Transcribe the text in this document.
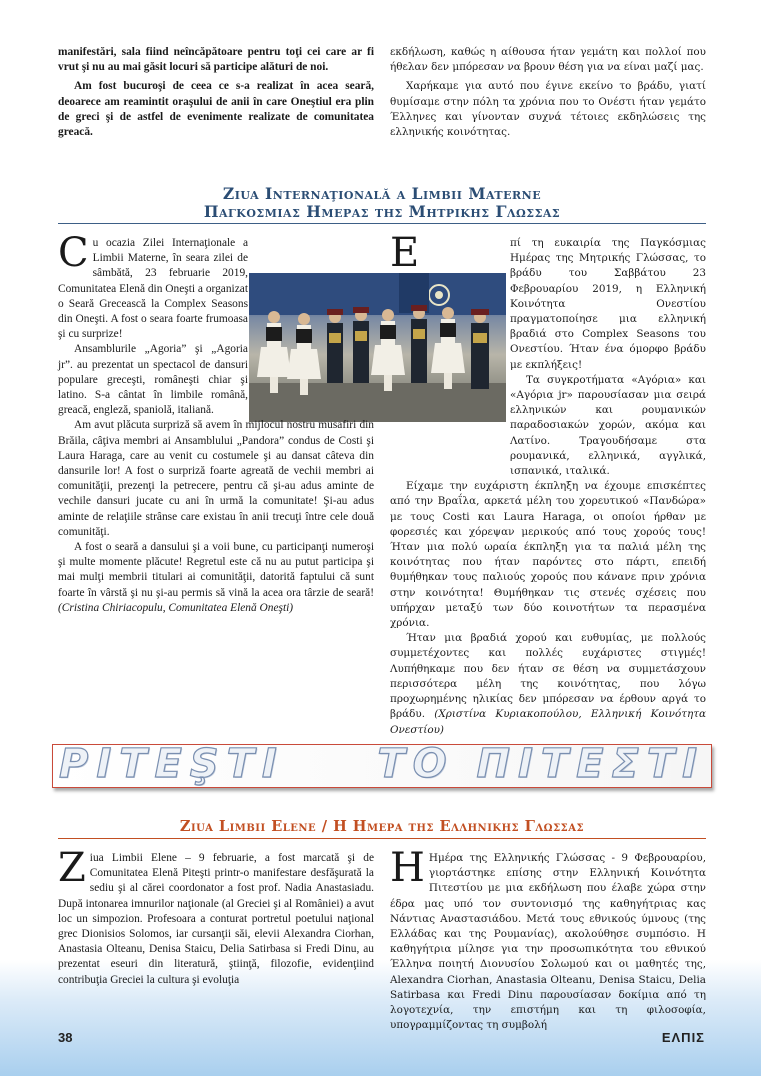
manifestări, sala fiind neîncăpătoare pentru toţi cei care ar fi vrut şi nu au mai găsit locuri să participe alături de noi.

Am fost bucuroşi de ceea ce s-a realizat în acea seară, deoarece am reamintit oraşului de anii în care Oneştiul era plin de greci şi de astfel de evenimente realizate de comunitatea greacă.

εκδήλωση, καθώς η αίθουσα ήταν γεμάτη και πολλοί που ήθελαν δεν μπόρεσαν να βρουν θέση για να είναι μαζί μας.

Χαρήκαμε για αυτό που έγινε εκείνο το βράδυ, γιατί θυμίσαμε στην πόλη τα χρόνια που το Ονέστι ήταν γεμάτο Έλληνες και γίνονταν συχνά τέτοιες εκδηλώσεις της ελληνικής κοινότητας.

Ziua Internaţională a Limbii Materne
Παγκοσμιας Ημερας της Μητρικης Γλωσσας

Cu ocazia Zilei Internaţionale a Limbii Materne, în seara zilei de sâmbătă, 23 februarie 2019, Comunitatea Elenă din Oneşti a organizat o Seară Grecească la Complex Seasons din Oneşti. A fost o seara foarte frumoasa şi cu surprize!

Ansamblurile „Agoria” şi „Agoria jr”. au prezentat un spectacol de dansuri populare greceşti, româneşti chiar şi latino. S-a cântat în limbile română, greacă, engleză, spaniolă, italiană.

Am avut plăcuta surpriză să avem în mijlocul nostru musafiri din Brăila, câţiva membri ai Ansamblului „Pandora” condus de Costi şi Laura Haraga, care au venit cu costumele şi au dansat câteva din dansurile lor! A fost o surpriză foarte agreată de vechii membri ai comunităţii, prezenţi la petrecere, pentru că şi-au adus aminte de vechile dansuri jucate cu ani în urmă la comunitate! Şi-au adus aminte de relaţiile strânse care existau în anii trecuţi între cele două comunităţi.

A fost o seară a dansului şi a voii bune, cu participanţi numeroşi şi multe momente plăcute! Regretul este că nu au putut participa şi mai mulţi membrii titulari ai comunităţii, datorită faptului că sunt foarte în vârstă şi nu şi-au permis să vină la acea ora târzie de seară! (Cristina Chiriacopulu, Comunitatea Elenă Oneşti)

Ε	πί τη ευκαιρία της Παγκόσμιας Ημέρας της Μητρικής Γλώσσας, το βράδυ του Σαββάτου 23 Φεβρουαρίου 2019, η Ελληνική Κοινότητα Ονεστίου πραγματοποίησε μια ελληνική βραδιά στο Complex Seasons του Ονεστίου. Ήταν ένα όμορφο βράδυ με εκπλήξεις!

Τα συγκροτήματα «Αγόρια» και «Αγόρια jr» παρουσίασαν μια σειρά ελληνικών και ρουμανικών παραδοσιακών χορών, ακόμα και Λατίνο. Τραγουδήσαμε στα ρουμανικά, ελληνικά, αγγλικά, ισπανικά, ιταλικά.

Είχαμε την ευχάριστη έκπληξη να έχουμε επισκέπτες από την Βραΐλα, αρκετά μέλη του χορευτικού «Πανδώρα» με τους Costi και Laura Haraga, οι οποίοι ήρθαν με φορεσιές και χόρεψαν μερικούς από τους χορούς τους! Ήταν μια πολύ ωραία έκπληξη για τα παλιά μέλη της κοινότητας που ήταν παρόντες στο πάρτι, επειδή θυμήθηκαν τους παλιούς χορούς που κάνανε πριν χρόνια στην κοινότητα! Θυμήθηκαν τις στενές σχέσεις που υπήρχαν μεταξύ των δύο κοινοτήτων τα περασμένα χρόνια.

Ήταν μια βραδιά χορού και ευθυμίας, με πολλούς συμμετέχοντες και πολλές ευχάριστες στιγμές! Λυπήθηκαμε που δεν ήταν σε θέση να συμμετάσχουν περισσότερα μέλη της κοινότητας, που λόγω προχωρημένης ηλικίας δεν μπόρεσαν να έρθουν αργά το βράδυ. (Χριστίνα Κυριακοπούλου, Ελληνική Κοινότητα Ονεστίου)

PITEŞTI ΤΟ ΠΙΤΕΣΤΙ
Ziua Limbii Elene / Η Ημερα της Ελληνικης Γλωσσας

Ziua Limbii Elene – 9 februarie, a fost marcată şi de Comunitatea Elenă Piteşti printr-o manifestare desfăşurată la sediu şi al cărei coordonator a fost prof. Nadia Anastasiadu. După intonarea imnurilor naţionale (al Greciei şi al României) a avut loc un simpozion. Profesoara a conturat portretul poetului naţional grec Dionisios Solomos, iar cursanţii săi, elevii Alexandra Ciorhan, Anastasia Olteanu, Denisa Staicu, Delia Satirbasa si Fredi Dinu, au prezentat eseuri din literatură, ştiinţă, filozofie, evidenţiind contribuţia Greciei la cultura şi evoluţia

Η Ημέρα της Ελληνικής Γλώσσας - 9 Φεβρουαρίου, γιορτάστηκε επίσης στην Ελληνική Κοινότητα Πιτεστίου με μια εκδήλωση που έλαβε χώρα στην έδρα μας υπό τον συντονισμό της καθηγήτριας κας Νάντιας Αναστασιάδου. Μετά τους εθνικούς ύμνους (της Ελλάδας και της Ρουμανίας), ακολούθησε συμπόσιο. Η καθηγήτρια μίλησε για την προσωπικότητα του εθνικού Έλληνα ποιητή Διονυσίου Σολωμού και οι μαθητές της, Alexandra Ciorhan, Anastasia Olteanu, Denisa Staicu, Delia Satirbasa και Fredi Dinu παρουσίασαν δοκίμια από τη λογοτεχνία, την επιστήμη και τη φιλοσοφία, υπογραμμίζοντας τη συμβολή

38	ΕΛΠΙΣ
